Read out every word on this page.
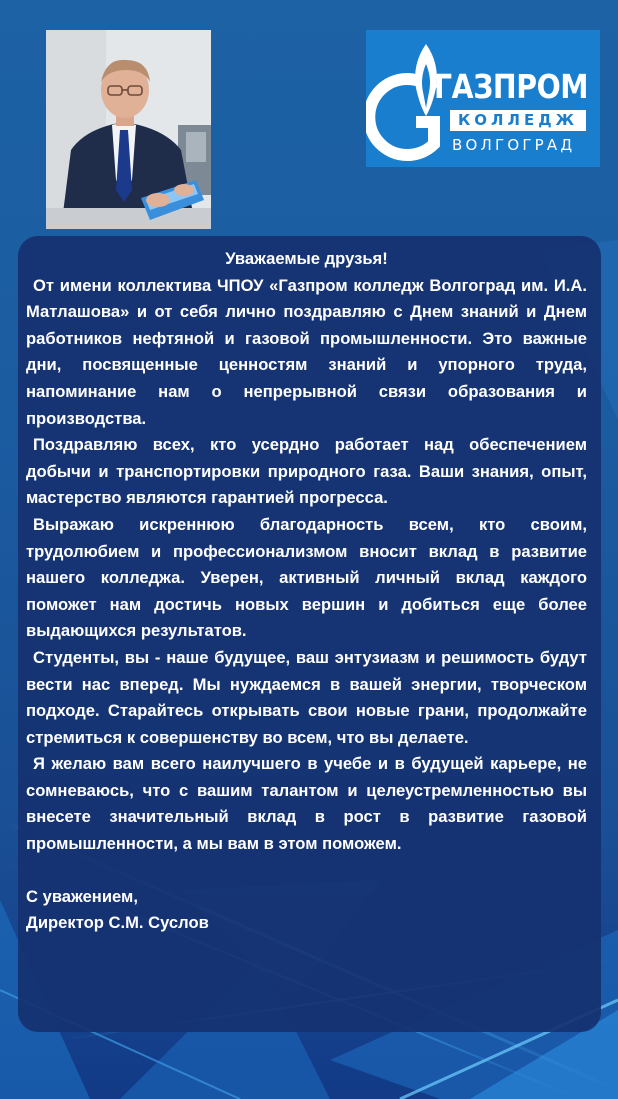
ГАЗПРОМ
КОЛЛЕДЖ
ВОЛГОГРАД

Уважаемые друзья!

От имени коллектива ЧПОУ «Газпром колледж Волгоград им. И.А. Матлашова» и от себя лично поздравляю с Днем знаний и Днем работников нефтяной и газовой промышленности. Это важные дни, посвященные ценностям знаний и упорного труда, напоминание нам о непрерывной связи образования и производства.

Поздравляю всех, кто усердно работает над обеспечением добычи и транспортировки природного газа. Ваши знания, опыт, мастерство являются гарантией прогресса.

Выражаю искреннюю благодарность всем, кто своим, трудолюбием и профессионализмом вносит вклад в развитие нашего колледжа. Уверен, активный личный вклад каждого поможет нам достичь новых вершин и добиться еще более выдающихся результатов.

Студенты, вы - наше будущее, ваш энтузиазм и решимость будут вести нас вперед. Мы нуждаемся в вашей энергии, творческом подходе. Старайтесь открывать свои новые грани, продолжайте стремиться к совершенству во всем, что вы делаете.

Я желаю вам всего наилучшего в учебе и в будущей карьере, не сомневаюсь, что с вашим талантом и целеустремленностью вы внесете значительный вклад в рост в развитие газовой промышленности, а мы вам в этом поможем.

С уважением,

Директор С.М. Суслов
